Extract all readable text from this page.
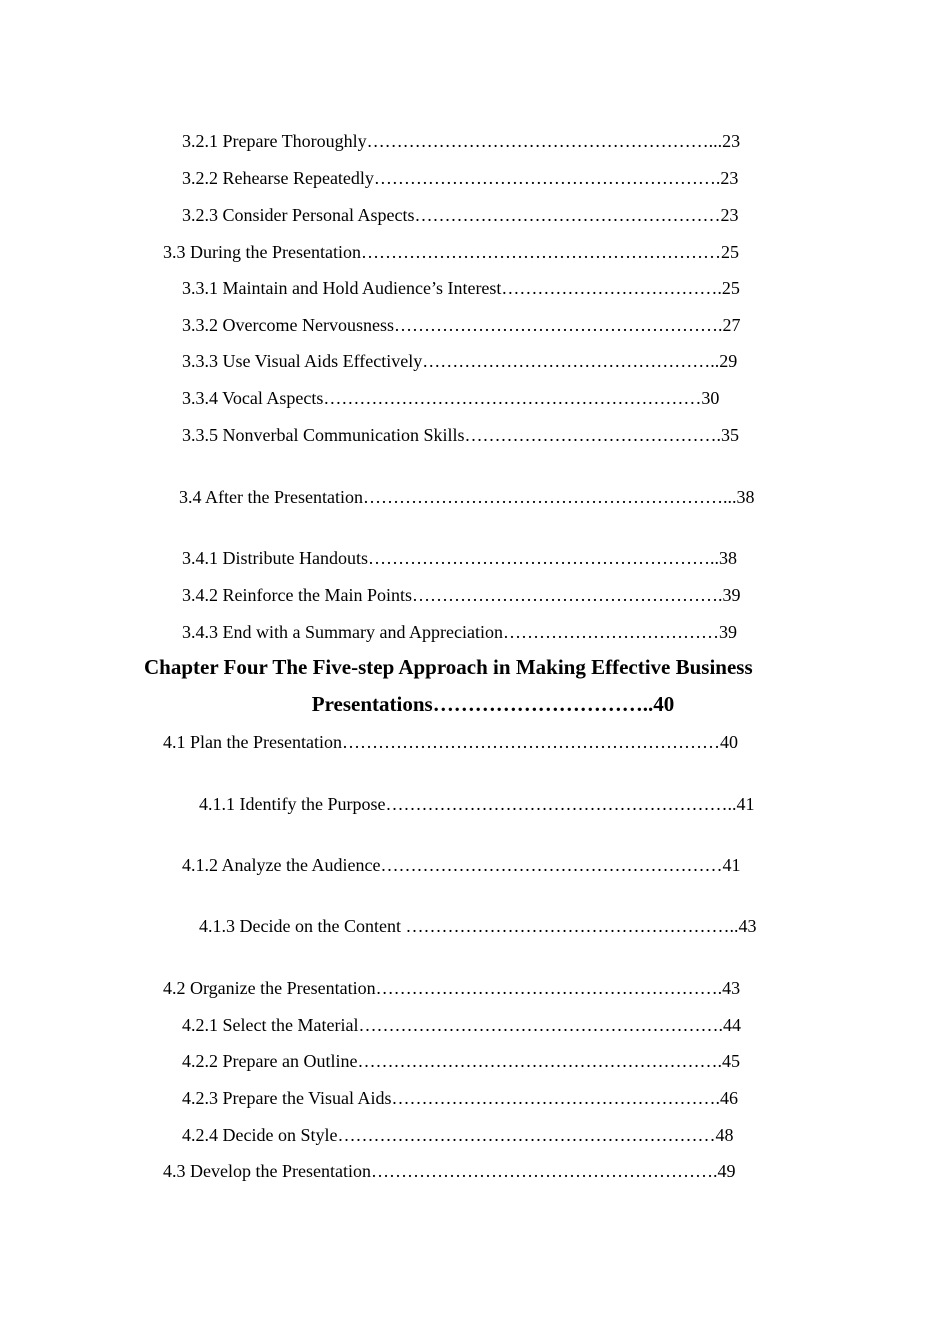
3.2.1 Prepare Thoroughly…………………………………………………...23
3.2.2 Rehearse Repeatedly………………………………………………….23
3.2.3 Consider Personal Aspects……………………………………………23
3.3 During the Presentation……………………………………………………25
3.3.1 Maintain and Hold Audience’s Interest……………………………….25
3.3.2 Overcome Nervousness……………………………………………….27
3.3.3 Use Visual Aids Effectively…………………………………………..29
3.3.4 Vocal Aspects………………………………………………………30
3.3.5 Nonverbal Communication Skills…………………………………….35
3.4 After the Presentation……………………………………………………...38
3.4.1 Distribute Handouts…………………………………………………..38
3.4.2 Reinforce the Main Points…………………………………………….39
3.4.3 End with a Summary and Appreciation………………………………39
Chapter Four The Five-step Approach in Making Effective Business
Presentations…………………………..40
4.1 Plan the Presentation………………………………………………………40
4.1.1 Identify the Purpose…………………………………………………..41
4.1.2 Analyze the Audience…………………………………………………41
4.1.3 Decide on the Content ………………………………………………..43
4.2 Organize the Presentation………………………………………………….43
4.2.1 Select the Material…………………………………………………….44
4.2.2 Prepare an Outline…………………………………………………….45
4.2.3 Prepare the Visual Aids……………………………………………….46
4.2.4 Decide on Style………………………………………………………48
4.3 Develop the Presentation………………………………………………….49
